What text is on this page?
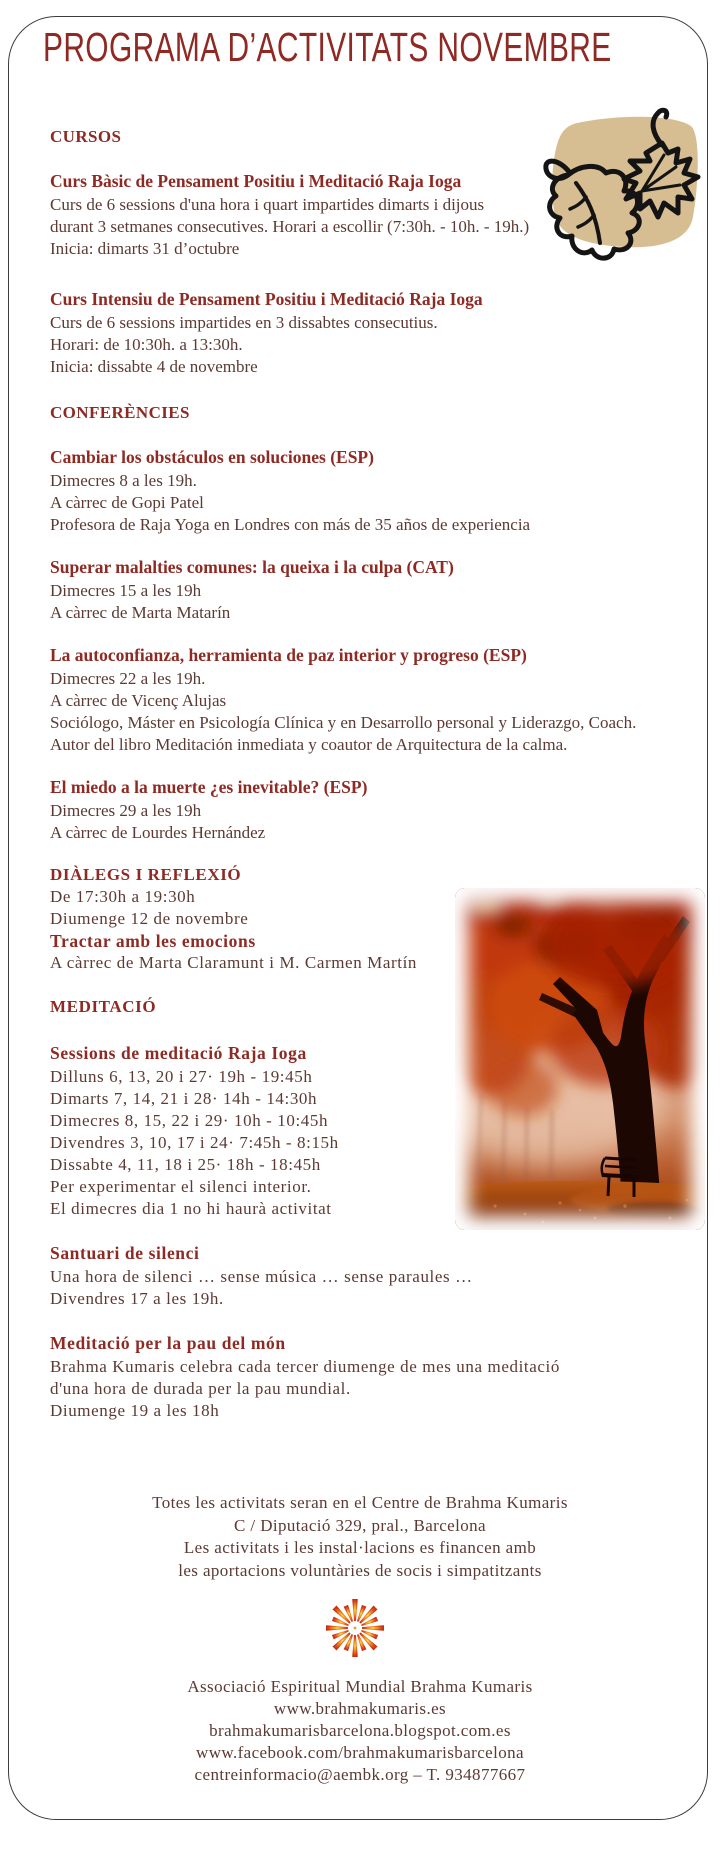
PROGRAMA D’ACTIVITATS NOVEMBRE
CURSOS
Curs Bàsic de Pensament Positiu i Meditació Raja Ioga
Curs de 6 sessions d'una hora i quart impartides dimarts i dijous
durant 3 setmanes consecutives. Horari a escollir (7:30h. - 10h. - 19h.)
Inicia: dimarts 31 d’octubre
Curs Intensiu de Pensament Positiu i Meditació Raja Ioga
Curs de 6 sessions impartides en 3 dissabtes consecutius.
Horari: de 10:30h. a 13:30h.
Inicia: dissabte 4 de novembre
CONFERÈNCIES
Cambiar los obstáculos en soluciones (ESP)
Dimecres 8 a les 19h.
A càrrec de Gopi Patel
Profesora de Raja Yoga en Londres con más de 35 años de experiencia
Superar malalties comunes: la queixa i la culpa (CAT)
Dimecres 15 a les 19h
A càrrec de Marta Matarín
La autoconfianza, herramienta de paz interior y progreso (ESP)
Dimecres 22 a les 19h.
A càrrec de Vicenç Alujas
Sociólogo, Máster en Psicología Clínica y en Desarrollo personal y Liderazgo, Coach.
Autor del libro Meditación inmediata y coautor de Arquitectura de la calma.
El miedo a la muerte ¿es inevitable? (ESP)
Dimecres 29 a les 19h
A càrrec de Lourdes Hernández
DIÀLEGS I REFLEXIÓ
De 17:30h a 19:30h
Diumenge 12 de novembre
Tractar amb les emocions
A càrrec de Marta Claramunt i M. Carmen Martín
MEDITACIÓ
Sessions de meditació Raja Ioga
Dilluns 6, 13, 20 i 27· 19h - 19:45h
Dimarts 7, 14, 21 i 28· 14h - 14:30h
Dimecres 8, 15, 22 i 29· 10h - 10:45h
Divendres 3, 10, 17 i 24· 7:45h - 8:15h
Dissabte 4, 11, 18 i 25· 18h - 18:45h
Per experimentar el silenci interior.
El dimecres dia 1 no hi haurà activitat
Santuari de silenci
Una hora de silenci … sense música … sense paraules …
Divendres 17 a les 19h.
Meditació per la pau del món
Brahma Kumaris celebra cada tercer diumenge de mes una meditació
d'una hora de durada per la pau mundial.
Diumenge 19 a les 18h
Totes les activitats seran en el Centre de Brahma Kumaris
C / Diputació 329, pral., Barcelona
Les activitats i les instal·lacions es financen amb
les aportacions voluntàries de socis i simpatitzants
Associació Espiritual Mundial Brahma Kumaris
www.brahmakumaris.es
brahmakumarisbarcelona.blogspot.com.es
www.facebook.com/brahmakumarisbarcelona
centreinformacio@aembk.org – T. 934877667
